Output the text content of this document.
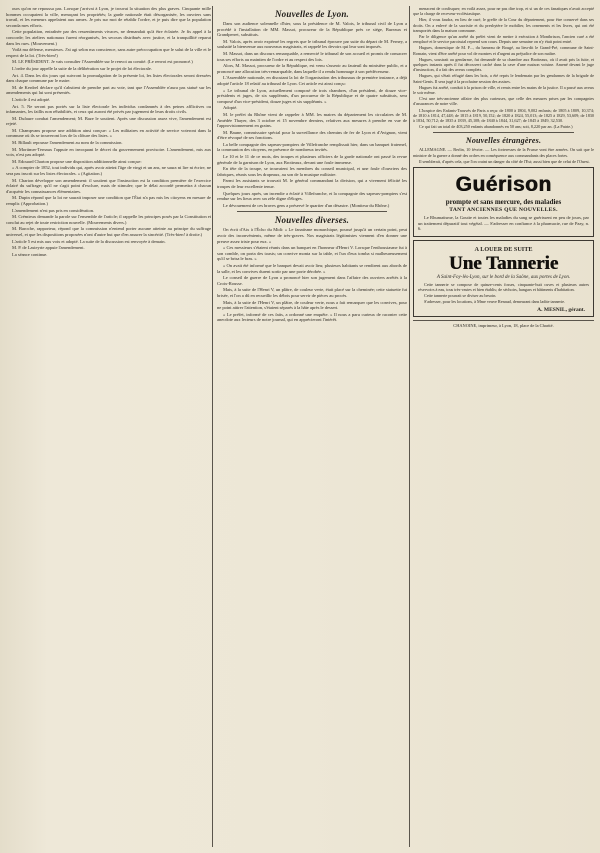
ours qu'on ne repoussa pas. Lorsque j'arrivai à Lyon, je trouvai la situation des plus graves. Cinquante mille hommes occupaient la ville, menaçant les propriétés; la garde nationale était désorganisée, les ouvriers sans travail, et les meneurs appelaient aux armes. Je pris sur moi de rétablir l'ordre, et je puis dire que la population seconda mes efforts.

Cette population, entraînée par des ressentiments vivaces, ne demandait qu'à être éclairée. Je fis appel à la concorde; les ateliers nationaux furent réorganisés, les secours distribués avec justice, et la tranquillité reparut dans les rues. (Mouvement.)

Voilà ma défense, messieurs. J'ai agi selon ma conscience, sans autre préoccupation que le salut de la ville et le respect de la loi. (Très-bien!)

M. LE PRÉSIDENT. Je vais consulter l'Assemblée sur le renvoi au comité. (Le renvoi est prononcé.)

L'ordre du jour appelle la suite de la délibération sur le projet de loi électorale.

Art. 4. Dans les dix jours qui suivront la promulgation de la présente loi, les listes électorales seront dressées dans chaque commune par le maire.

M. de Kerdrel déclare qu'il s'abstient de prendre part au vote, tant que l'Assemblée n'aura pas statué sur les amendements qui lui sont présentés.

L'article 4 est adopté.

Art. 5. Ne seront pas portés sur la liste électorale les individus condamnés à des peines afflictives ou infamantes, les faillis non réhabilités, et ceux qui auront été privés par jugement de leurs droits civils.

M. Dufaure combat l'amendement; M. Baze le soutient. Après une discussion assez vive, l'amendement est rejeté.

M. Champvans propose une addition ainsi conçue: « Les militaires en activité de service voteront dans la commune où ils se trouveront lors de la clôture des listes. »

M. Billault repousse l'amendement au nom de la commission.

M. Mortimer-Ternaux l'appuie en invoquant le décret du gouvernement provisoire. L'amendement, mis aux voix, n'est pas adopté.

M. Edouard Charton propose une disposition additionnelle ainsi conçue:

« A compter de 1852, tout individu qui, après avoir atteint l'âge de vingt et un ans, ne saura ni lire ni écrire, ne sera pas inscrit sur les listes électorales. » (Agitation.)

M. Charton développe son amendement: il soutient que l'instruction est la condition première de l'exercice éclairé du suffrage; qu'il ne s'agit point d'exclure, mais de stimuler; que le délai accordé permettra à chacun d'acquérir les connaissances élémentaires.

M. Dupin répond que la loi ne saurait imposer une condition que l'État n'a pas mis les citoyens en mesure de remplir. (Approbation.)

L'amendement n'est pas pris en considération.

M. Crémieux demande la parole sur l'ensemble de l'article; il rappelle les principes posés par la Constitution et conclut au rejet de toute restriction nouvelle. (Mouvements divers.)

M. Baroche, rapporteur, répond que la commission n'entend porter aucune atteinte au principe du suffrage universel, et que les dispositions proposées n'ont d'autre but que d'en assurer la sincérité. (Très-bien! à droite.)

L'article 5 est mis aux voix et adopté. La suite de la discussion est renvoyée à demain.

M. P. de Lasteyrie appuie l'amendement.

La séance continue.

Nouvelles de Lyon.

Dans son audience solennelle d'hier, sous la présidence de M. Valois, le tribunal civil de Lyon a procédé à l'installation de MM. Massot, procureur de la République près ce siége, Bureaux et Grandperret, substituts.

M. Valois, après avoir exprimé les regrets que le tribunal éprouve par suite du départ de M. Ferney, a souhaité la bienvenue aux nouveaux magistrats, et rappelé les devoirs qui leur sont imposés.

M. Massot, dans un discours remarquable, a remercié le tribunal de son accueil et promis de consacrer tous ses efforts au maintien de l'ordre et au respect des lois.

Alors, M. Massot, procureur de la République, est venu s'asseoir au fauteuil du ministère public, et a prononcé une allocution très-remarquable, dans laquelle il a rendu hommage à son prédécesseur.

L'Assemblée nationale, en discutant la loi de l'organisation des tribunaux de première instance, a déjà adopté l'article 18 relatif au tribunal de Lyon. Cet article est ainsi conçu:

« Le tribunal de Lyon, actuellement composé de trois chambres, d'un président, de douze vice-présidents et juges, de six suppléants, d'un procureur de la République et de quatre substituts, sera composé d'un vice-président, douze juges et six suppléants. »

Adopté.

M. le préfet du Rhône vient de rappeler à MM. les maires du département les circulaires de M. Amédée Thayer, des 3 octobre et 15 novembre derniers, relatives aux mesures à prendre en vue de l'approvisionnement en grains.

M. Baune, commissaire spécial pour la surveillance des chemins de fer de Lyon et d'Avignon, vient d'être révoqué de ses fonctions.

La belle compagnie des sapeurs-pompiers de Villefranche remplissait hier, dans un banquet fraternel, la communion des citoyens, en présence de nombreux invités.

Le 10 et le 11 de ce mois, des troupes et plusieurs officiers de la garde nationale ont passé la revue générale de la garnison de Lyon, aux Brotteaux, devant une foule immense.

En tête de la troupe, se trouvaient les membres du conseil municipal, et une foule d'ouvriers des fabriques, réunis sous les drapeaux, au son de la musique militaire.

Parmi les assistants se trouvait M. le général commandant la division, qui a vivement félicité les troupes de leur excellente tenue.

Quelques jours après, un incendie a éclaté à Villefranche, et la compagnie des sapeurs-pompiers s'est rendue sur les lieux avec un zèle digne d'éloges.

Le dévouement de ces braves gens a préservé le quartier d'un désastre. (Moniteur du Rhône.)

Nouvelles diverses.

On écrit d'Aix à l'Écho du Midi: « Le fanatisme monarchique, poussé jusqu'à un certain point, peut avoir des inconvénients, même de très-graves. Nos magistrats légitimistes viennent d'en donner une preuve assez triste pour eux. »

« Ces messieurs s'étaient réunis dans un banquet en l'honneur d'Henri V. Lorsque l'enthousiasme fut à son comble, on porta des toasts; un convive monta sur la table, et l'un d'eux tomba si malheureusement qu'il se brisa le bras. »

« On avait été informé que le banquet devait avoir lieu; plusieurs habitants se rendirent aux abords de la salle, et les convives durent sortir par une porte dérobée. »

Le conseil de guerre de Lyon a prononcé hier son jugement dans l'affaire des ouvriers arrêtés à la Croix-Rousse.

Mais, à la suite de l'Henri V, un plâtre, de couleur verte, était placé sur la cheminée; cette statuette fut brisée, et l'on a dû en recueillir les débris pour servir de pièces au procès.

Mais, à la suite de l'Henri V, un plâtre, de couleur verte, nous a fait remarquer que les convives, pour ne point attirer l'attention, s'étaient séparés à la hâte après le dessert.

« Le préfet, informé de ces faits, a ordonné une enquête. » Il nous a paru curieux de raconter cette anecdote aux lecteurs de notre journal, qui en apprécieront l'intérêt.

menacent de confisquer; en voilà assez, pour ne pas dire trop, et si un de ces fanatiques n'avait accepté que la charge de receveur-ecclésiastique.

Hier, il vous faudra, en lieu de curé, le greffe de la Cour du département, pour être conservé dans ses droits. On a enlevé de la sacristie et du presbytère le mobilier, les ornements et les livres, qui ont été transportés dans la maison commune.

Par le diligence qu'un arrêté du préfet vient de mettre à exécution à Montbrison, l'ancien curé a été remplacé et le service paroissial reprend son cours. Depuis une semaine on n'y était point entré.

Hugues, domestique de M. F..., du hameau de Bougé, au lieu-dit le Grand-Pré, commune de Saint-Romain, vient d'être arrêté pour vol de montres et d'argent au préjudice de son maître.

Hugues, soustrait au gendarme, fut demandé de sa chambre aux Brotteaux, où il avait pris la fuite, et quelques instants après il fut découvert caché dans la cave d'une maison voisine. Amené devant le juge d'instruction, il a fait des aveux complets.

Hugues, qui s'était réfugié dans les bois, a été repris le lendemain par les gendarmes de la brigade de Saint-Genis. Il sera jugé à la prochaine session des assises.

Hugues fut arrêté, conduit à la prison de ville, et remis entre les mains de la justice. Il a passé aux aveux le soir même.

C'est une très-ancienne affaire des plus curieuses, que celle des mesures prises par les compagnies d'assurances de notre ville.

L'hospice des Enfants-Trouvés de Paris a reçu: de 1800 à 1804, 9,002 enfants; de 1805 à 1809, 10,374; de 1810 à 1814, 47,448; de 1815 à 1819, 50,152; de 1820 à 1824, 55,013; de 1825 à 1829, 53,609; de 1830 à 1834, 50,712; de 1835 à 1839, 45,108; de 1840 à 1844, 31,627; de 1845 à 1849, 32,530.

Ce qui fait un total de 403,250 enfants abandonnés en 50 ans; soit, 8,220 par an. (La Patrie.)

Nouvelles étrangères.

ALLEMAGNE. — Berlin, 10 février. — Les forteresses de la Prusse vont être armées. On sait que le ministre de la guerre a donné des ordres en conséquence aux commandants des places fortes.

Il semblerait, d'après cela, que l'on craint un danger du côté de l'Est; aussi bien que de celui de l'Ouest.

Guérison

prompte et sans mercure, des maladies

TANT ANCIENNES QUE NOUVELLES.

Le Rhumatisme, la Goutte et toutes les maladies du sang se guérissent en peu de jours, par un traitement dépuratif tout végétal. — S'adresser en confiance à la pharmacie, rue de Pazy, n. 6.

A LOUER DE SUITE

Une Tannerie

A Saint-Foy-lès-Lyon, sur le bord de la Saône, aux portes de Lyon.

Cette tannerie se compose de quinze-cents fosses, cinquante-huit cuves et plusieurs autres réservoirs à eau, tous très-vastes et bien établis; de séchoirs, hangars et bâtiments d'habitation.

Cette tannerie pourrait se diviser au besoin.

S'adresser, pour les locations, à Mme veuve Renaud, demeurant dans ladite tannerie.

A. MESNIL, gérant.

CHANOINE, imprimeur, à Lyon, 18, place de la Charité.
